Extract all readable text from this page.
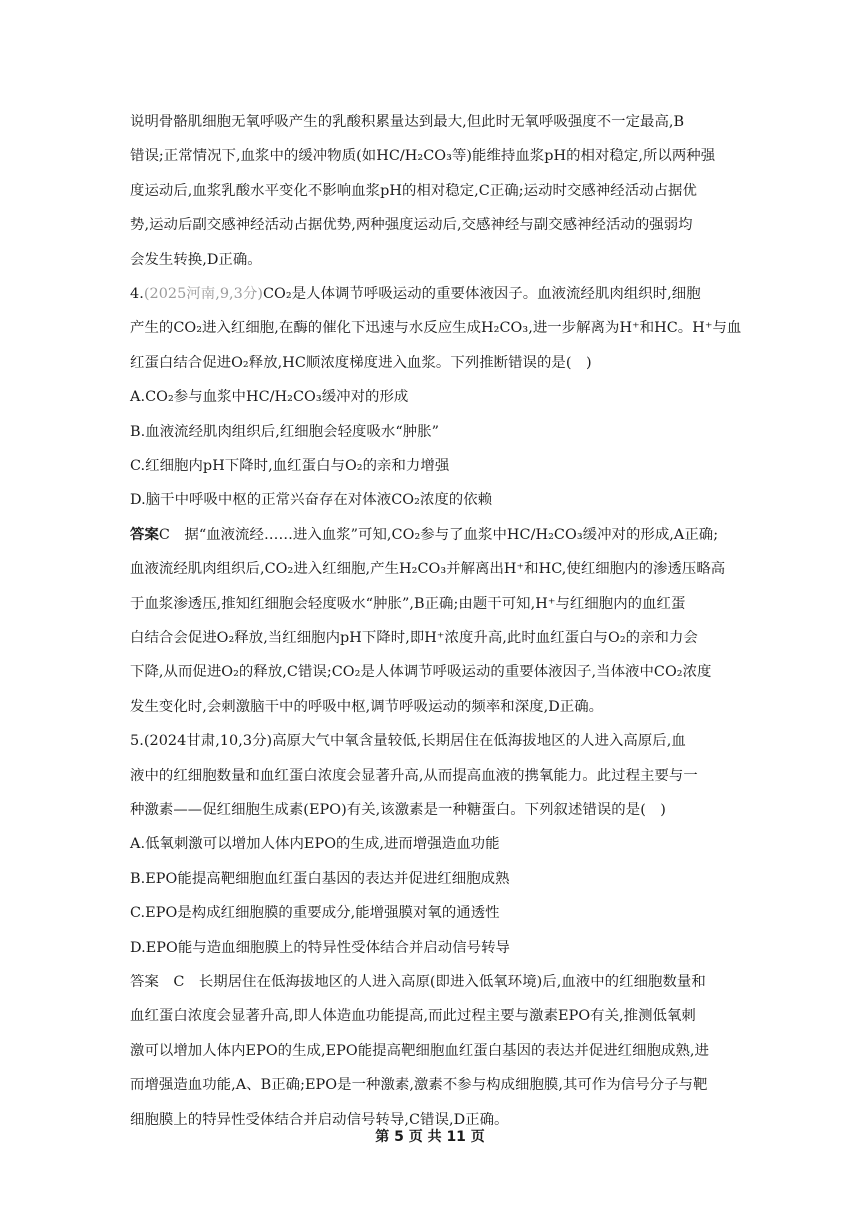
说明骨骼肌细胞无氧呼吸产生的乳酸积累量达到最大,但此时无氧呼吸强度不一定最高,B
错误;正常情况下,血浆中的缓冲物质(如HC/H₂CO₃等)能维持血浆pH的相对稳定,所以两种强
度运动后,血浆乳酸水平变化不影响血浆pH的相对稳定,C正确;运动时交感神经活动占据优
势,运动后副交感神经活动占据优势,两种强度运动后,交感神经与副交感神经活动的强弱均
会发生转换,D正确。
4.(2025河南,9,3分)CO₂是人体调节呼吸运动的重要体液因子。血液流经肌肉组织时,细胞
产生的CO₂进入红细胞,在酶的催化下迅速与水反应生成H₂CO₃,进一步解离为H⁺和HC。H⁺与血
红蛋白结合促进O₂释放,HC顺浓度梯度进入血浆。下列推断错误的是(　)
A.CO₂参与血浆中HC/H₂CO₃缓冲对的形成
B.血液流经肌肉组织后,红细胞会轻度吸水“肿胀”
C.红细胞内pH下降时,血红蛋白与O₂的亲和力增强
D.脑干中呼吸中枢的正常兴奋存在对体液CO₂浓度的依赖
答案C　据“血液流经……进入血浆”可知,CO₂参与了血浆中HC/H₂CO₃缓冲对的形成,A正确;
血液流经肌肉组织后,CO₂进入红细胞,产生H₂CO₃并解离出H⁺和HC,使红细胞内的渗透压略高
于血浆渗透压,推知红细胞会轻度吸水“肿胀”,B正确;由题干可知,H⁺与红细胞内的血红蛋
白结合会促进O₂释放,当红细胞内pH下降时,即H⁺浓度升高,此时血红蛋白与O₂的亲和力会
下降,从而促进O₂的释放,C错误;CO₂是人体调节呼吸运动的重要体液因子,当体液中CO₂浓度
发生变化时,会刺激脑干中的呼吸中枢,调节呼吸运动的频率和深度,D正确。
5.(2024甘肃,10,3分)高原大气中氧含量较低,长期居住在低海拔地区的人进入高原后,血
液中的红细胞数量和血红蛋白浓度会显著升高,从而提高血液的携氧能力。此过程主要与一
种激素——促红细胞生成素(EPO)有关,该激素是一种糖蛋白。下列叙述错误的是(　)
A.低氧刺激可以增加人体内EPO的生成,进而增强造血功能
B.EPO能提高靶细胞血红蛋白基因的表达并促进红细胞成熟
C.EPO是构成红细胞膜的重要成分,能增强膜对氧的通透性
D.EPO能与造血细胞膜上的特异性受体结合并启动信号转导
答案　C　长期居住在低海拔地区的人进入高原(即进入低氧环境)后,血液中的红细胞数量和
血红蛋白浓度会显著升高,即人体造血功能提高,而此过程主要与激素EPO有关,推测低氧刺
激可以增加人体内EPO的生成,EPO能提高靶细胞血红蛋白基因的表达并促进红细胞成熟,进
而增强造血功能,A、B正确;EPO是一种激素,激素不参与构成细胞膜,其可作为信号分子与靶
第 5 页 共 11 页
细胞膜上的特异性受体结合并启动信号转导,C错误,D正确。
